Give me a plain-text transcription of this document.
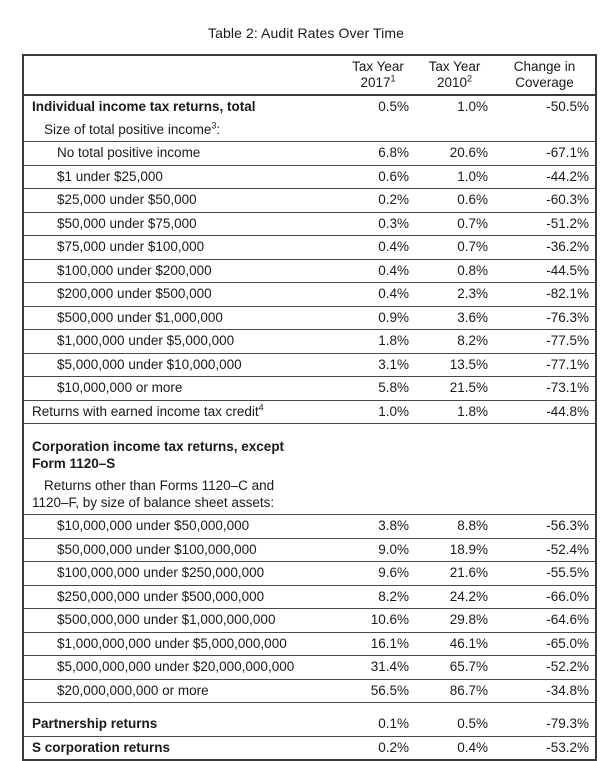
Table 2: Audit Rates Over Time

Tax Year
2017$^1$

Tax Year
2010$^2$

Change in
Coverage

Individual income tax returns, total	0.5%	1.0%	-50.5%

Size of total positive income$^3$:			

No total positive income	6.8%	20.6%	-67.1%

$1 under $25,000	0.6%	1.0%	-44.2%

$25,000 under $50,000	0.2%	0.6%	-60.3%

$50,000 under $75,000	0.3%	0.7%	-51.2%

$75,000 under $100,000	0.4%	0.7%	-36.2%

$100,000 under $200,000	0.4%	0.8%	-44.5%

$200,000 under $500,000	0.4%	2.3%	-82.1%

$500,000 under $1,000,000	0.9%	3.6%	-76.3%

$1,000,000 under $5,000,000	1.8%	8.2%	-77.5%

$5,000,000 under $10,000,000	3.1%	13.5%	-77.1%

$10,000,000 or more	5.8%	21.5%	-73.1%

Returns with earned income tax credit$^4$	1.0%	1.8%	-44.8%

Corporation income tax returns, except
Form 1120–S			

Returns other than Forms 1120–C and
1120–F, by size of balance sheet assets:			

$10,000,000 under $50,000,000	3.8%	8.8%	-56.3%

$50,000,000 under $100,000,000	9.0%	18.9%	-52.4%

$100,000,000 under $250,000,000	9.6%	21.6%	-55.5%

$250,000,000 under $500,000,000	8.2%	24.2%	-66.0%

$500,000,000 under $1,000,000,000	10.6%	29.8%	-64.6%

$1,000,000,000 under $5,000,000,000	16.1%	46.1%	-65.0%

$5,000,000,000 under $20,000,000,000	31.4%	65.7%	-52.2%

$20,000,000,000 or more	56.5%	86.7%	-34.8%

Partnership returns	0.1%	0.5%	-79.3%

S corporation returns	0.2%	0.4%	-53.2%
